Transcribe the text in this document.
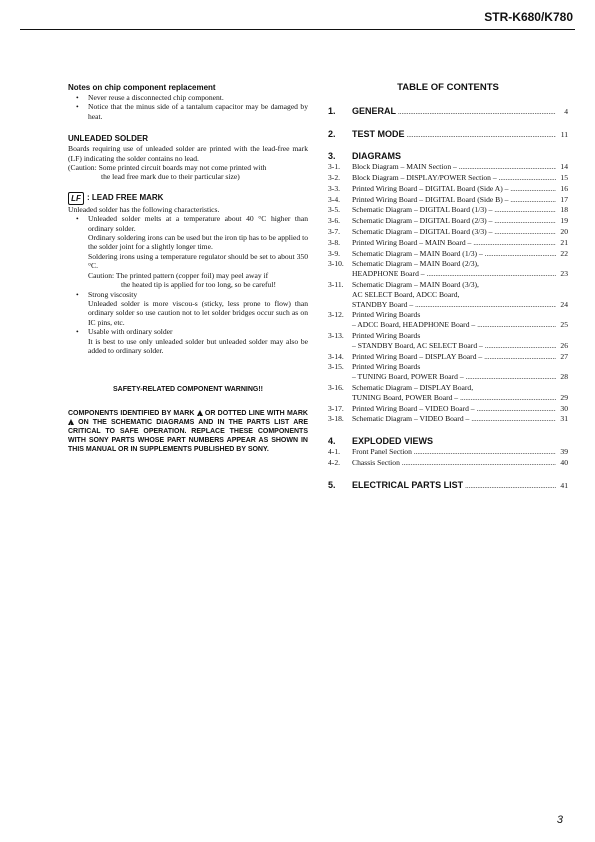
STR-K680/K780
Notes on chip component replacement
• Never reuse a disconnected chip component.
• Notice that the minus side of a tantalum capacitor may be damaged by heat.
UNLEADED SOLDER
Boards requiring use of unleaded solder are printed with the lead-free mark (LF) indicating the solder contains no lead.
(Caution: Some printed circuit boards may not come printed with
the lead free mark due to their particular size)
LF : LEAD FREE MARK
Unleaded solder has the following characteristics.
• Unleaded solder melts at a temperature about 40 °C higher than ordinary solder.
Ordinary soldering irons can be used but the iron tip has to be applied to the solder joint for a slightly longer time.
Soldering irons using a temperature regulator should be set to about 350 °C.
Caution: The printed pattern (copper foil) may peel away if
the heated tip is applied for too long, so be careful!
• Strong viscosity
Unleaded solder is more viscou-s (sticky, less prone to flow) than ordinary solder so use caution not to let solder bridges occur such as on IC pins, etc.
• Usable with ordinary solder
It is best to use only unleaded solder but unleaded solder may also be added to ordinary solder.
SAFETY-RELATED COMPONENT WARNING!!
COMPONENTS IDENTIFIED BY MARK ! OR DOTTED LINE WITH MARK ! ON THE SCHEMATIC DIAGRAMS AND IN THE PARTS LIST ARE CRITICAL TO SAFE OPERATION. REPLACE THESE COMPONENTS WITH SONY PARTS WHOSE PART NUMBERS APPEAR AS SHOWN IN THIS MANUAL OR IN SUPPLEMENTS PUBLISHED BY SONY.
TABLE OF CONTENTS
1.	GENERAL .....	4
2.	TEST MODE .....	11
3.	DIAGRAMS
3-1.	Block Diagram – MAIN Section – .....	14
3-2.	Block Diagram – DISPLAY/POWER Section – .....	15
3-3.	Printed Wiring Board – DIGITAL Board (Side A) – .....	16
3-4.	Printed Wiring Board – DIGITAL Board (Side B) – .....	17
3-5.	Schematic Diagram – DIGITAL Board (1/3) – .....	18
3-6.	Schematic Diagram – DIGITAL Board (2/3) – .....	19
3-7.	Schematic Diagram – DIGITAL Board (3/3) – .....	20
3-8.	Printed Wiring Board – MAIN Board – .....	21
3-9.	Schematic Diagram – MAIN Board (1/3) – .....	22
3-10.	Schematic Diagram – MAIN Board (2/3),
HEADPHONE Board – .....	23
3-11.	Schematic Diagram – MAIN Board (3/3),
AC SELECT Board, ADCC Board,
STANDBY Board – .....	24
3-12.	Printed Wiring Boards
– ADCC Board, HEADPHONE Board – .....	25
3-13.	Printed Wiring Boards
– STANDBY Board, AC SELECT Board – .....	26
3-14.	Printed Wiring Board – DISPLAY Board – .....	27
3-15.	Printed Wiring Boards
– TUNING Board, POWER Board – .....	28
3-16.	Schematic Diagram – DISPLAY Board,
TUNING Board, POWER Board – .....	29
3-17.	Printed Wiring Board – VIDEO Board – .....	30
3-18.	Schematic Diagram – VIDEO Board – .....	31
4.	EXPLODED VIEWS
4-1.	Front Panel Section .....	39
4-2.	Chassis Section .....	40
5.	ELECTRICAL PARTS LIST .....	41
3
